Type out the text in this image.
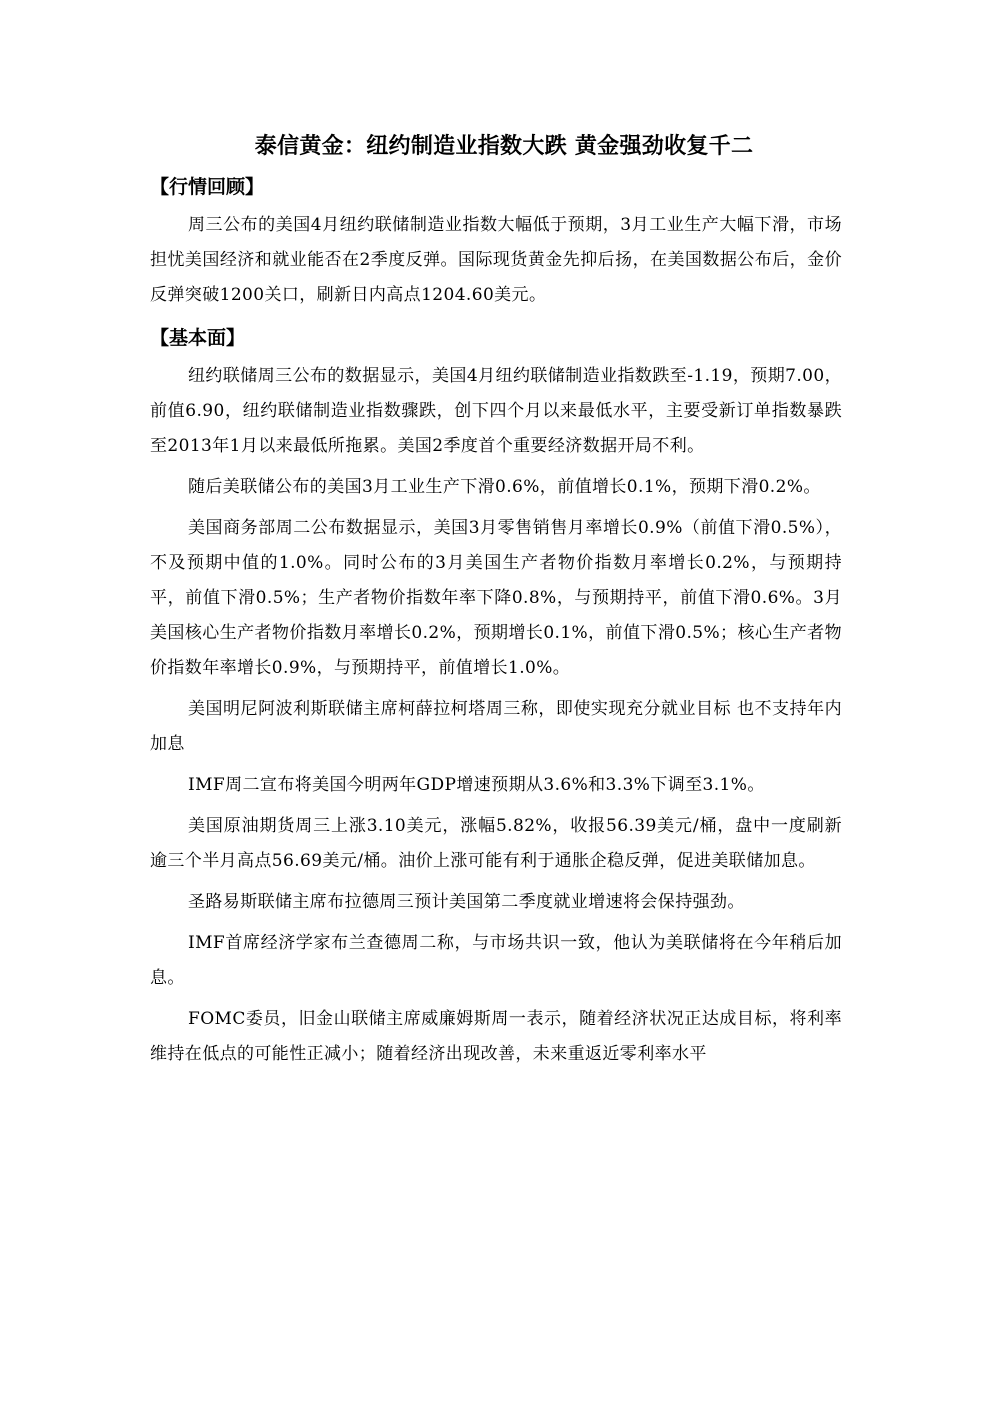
泰信黄金：纽约制造业指数大跌 黄金强劲收复千二
【行情回顾】

周三公布的美国4月纽约联储制造业指数大幅低于预期，3月工业生产大幅下滑，市场担忧美国经济和就业能否在2季度反弹。国际现货黄金先抑后扬，在美国数据公布后，金价反弹突破1200关口，刷新日内高点1204.60美元。

【基本面】

纽约联储周三公布的数据显示，美国4月纽约联储制造业指数跌至-1.19，预期7.00，前值6.90，纽约联储制造业指数骤跌，创下四个月以来最低水平，主要受新订单指数暴跌至2013年1月以来最低所拖累。美国2季度首个重要经济数据开局不利。

随后美联储公布的美国3月工业生产下滑0.6%，前值增长0.1%，预期下滑0.2%。

美国商务部周二公布数据显示，美国3月零售销售月率增长0.9%（前值下滑0.5%），不及预期中值的1.0%。同时公布的3月美国生产者物价指数月率增长0.2%，与预期持平，前值下滑0.5%；生产者物价指数年率下降0.8%，与预期持平，前值下滑0.6%。3月美国核心生产者物价指数月率增长0.2%，预期增长0.1%，前值下滑0.5%；核心生产者物价指数年率增长0.9%，与预期持平，前值增长1.0%。

美国明尼阿波利斯联储主席柯薛拉柯塔周三称，即使实现充分就业目标 也不支持年内加息

IMF周二宣布将美国今明两年GDP增速预期从3.6%和3.3%下调至3.1%。

美国原油期货周三上涨3.10美元，涨幅5.82%，收报56.39美元/桶，盘中一度刷新逾三个半月高点56.69美元/桶。油价上涨可能有利于通胀企稳反弹，促进美联储加息。

圣路易斯联储主席布拉德周三预计美国第二季度就业增速将会保持强劲。

IMF首席经济学家布兰查德周二称，与市场共识一致，他认为美联储将在今年稍后加息。

FOMC委员，旧金山联储主席威廉姆斯周一表示，随着经济状况正达成目标，将利率维持在低点的可能性正减小；随着经济出现改善，未来重返近零利率水平
